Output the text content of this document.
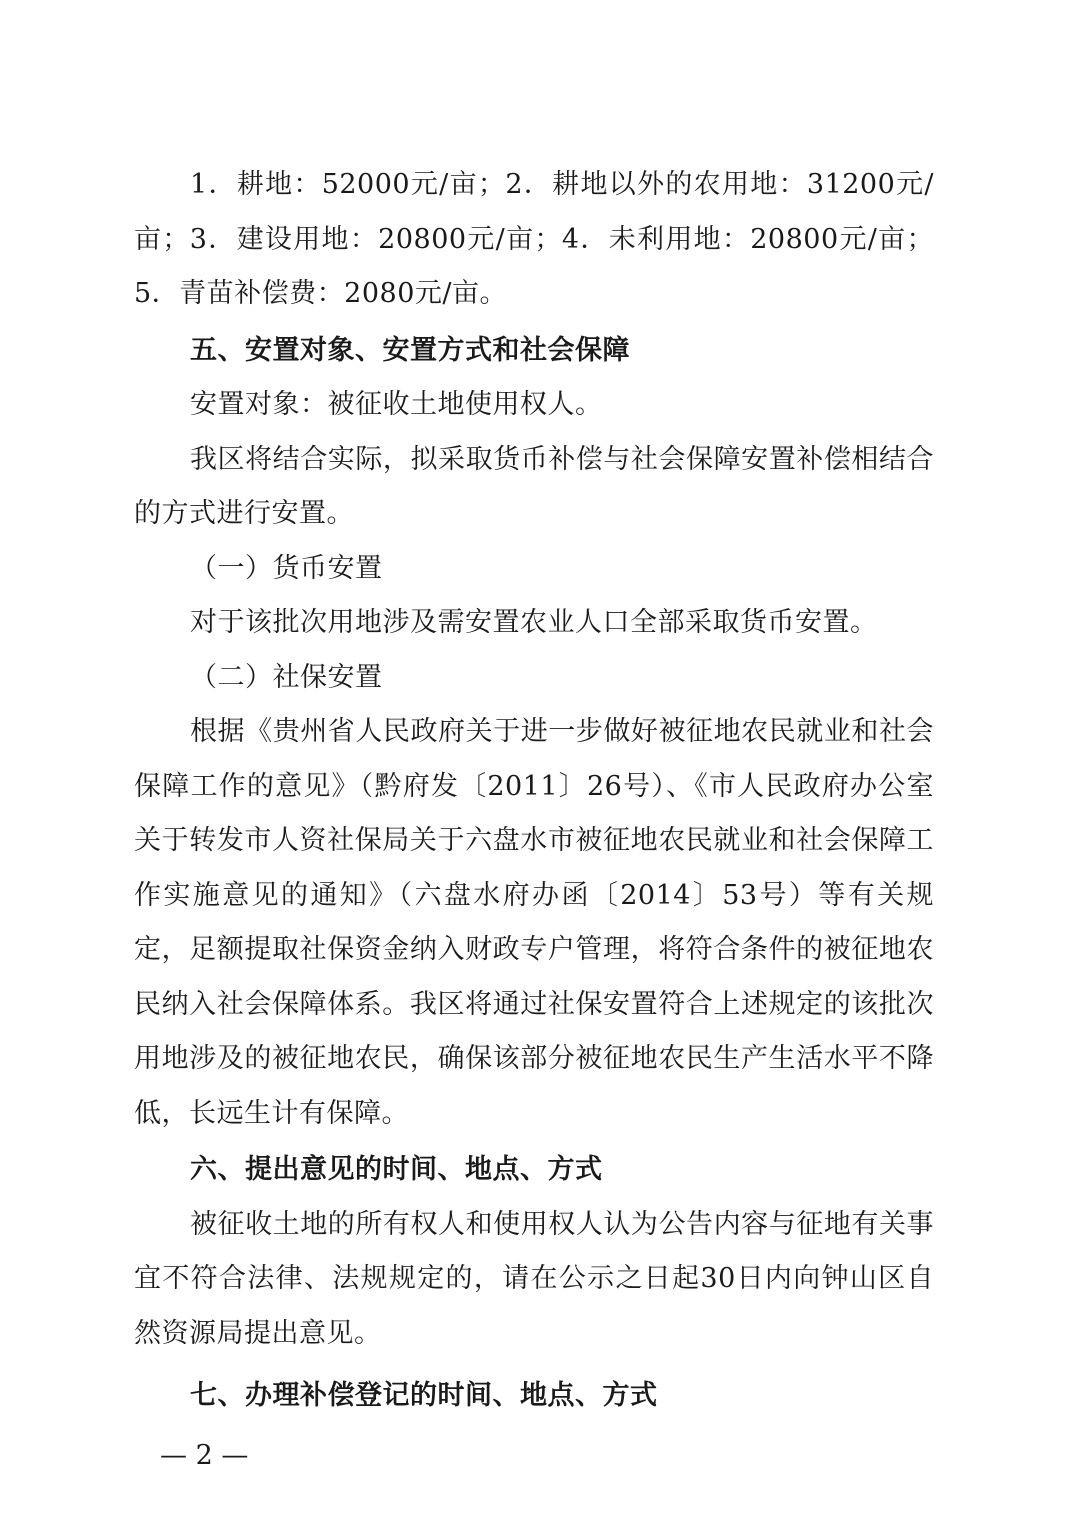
1．耕地：52000元/亩；2．耕地以外的农用地：31200元/亩；3．建设用地：20800元/亩；4．未利用地：20800元/亩；5．青苗补偿费：2080元/亩。

五、安置对象、安置方式和社会保障

安置对象：被征收土地使用权人。

我区将结合实际，拟采取货币补偿与社会保障安置补偿相结合的方式进行安置。

（一）货币安置

对于该批次用地涉及需安置农业人口全部采取货币安置。

（二）社保安置

根据《贵州省人民政府关于进一步做好被征地农民就业和社会保障工作的意见》（黔府发〔2011〕26号）、《市人民政府办公室关于转发市人资社保局关于六盘水市被征地农民就业和社会保障工作实施意见的通知》（六盘水府办函〔2014〕53号）等有关规定，足额提取社保资金纳入财政专户管理，将符合条件的被征地农民纳入社会保障体系。我区将通过社保安置符合上述规定的该批次用地涉及的被征地农民，确保该部分被征地农民生产生活水平不降低，长远生计有保障。

六、提出意见的时间、地点、方式

被征收土地的所有权人和使用权人认为公告内容与征地有关事宜不符合法律、法规规定的，请在公示之日起30日内向钟山区自然资源局提出意见。

七、办理补偿登记的时间、地点、方式

— 2 —
